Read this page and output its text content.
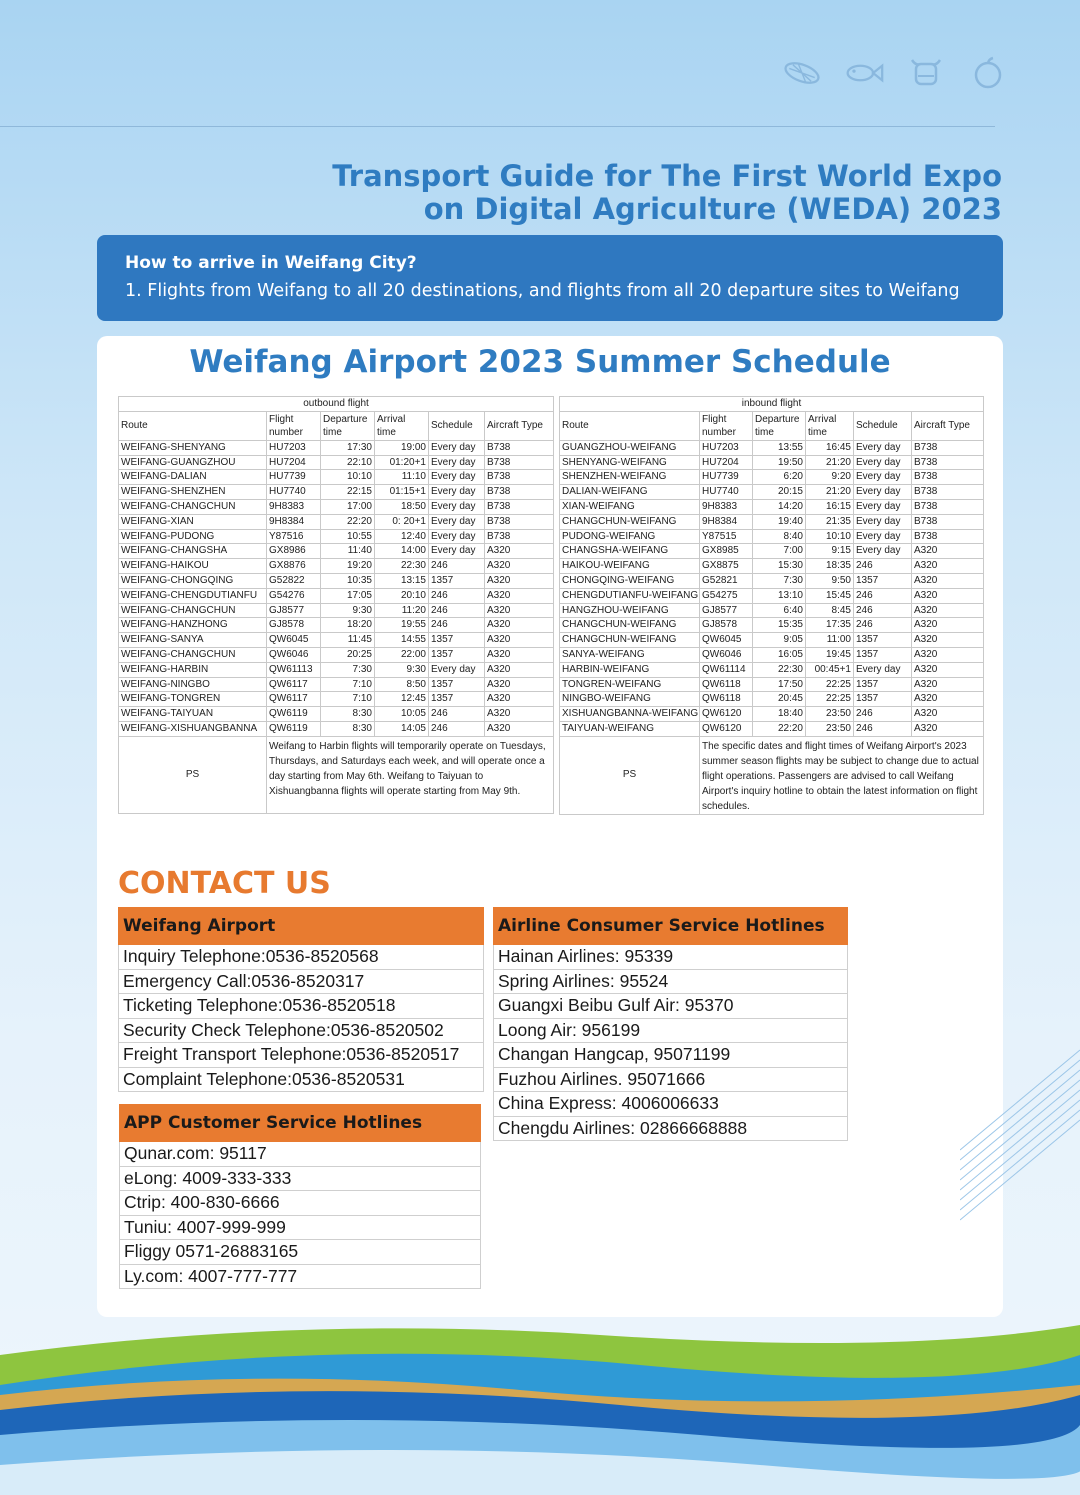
Transport Guide for The First World Expo
on Digital Agriculture (WEDA) 2023
How to arrive in Weifang City?
1. Flights from Weifang to all 20 destinations, and flights from all 20 departure sites to Weifang
Weifang Airport 2023 Summer Schedule
outbound flight					
Route	Flight number	Departure time	Arrival time	Schedule	Aircraft Type
WEIFANG-SHENYANG	HU7203	17:30	19:00	Every day	B738
WEIFANG-GUANGZHOU	HU7204	22:10	01:20+1	Every day	B738
WEIFANG-DALIAN	HU7739	10:10	11:10	Every day	B738
WEIFANG-SHENZHEN	HU7740	22:15	01:15+1	Every day	B738
WEIFANG-CHANGCHUN	9H8383	17:00	18:50	Every day	B738
WEIFANG-XIAN	9H8384	22:20	0: 20+1	Every day	B738
WEIFANG-PUDONG	Y87516	10:55	12:40	Every day	B738
WEIFANG-CHANGSHA	GX8986	11:40	14:00	Every day	A320
WEIFANG-HAIKOU	GX8876	19:20	22:30	246	A320
WEIFANG-CHONGQING	G52822	10:35	13:15	1357	A320
WEIFANG-CHENGDUTIANFU	G54276	17:05	20:10	246	A320
WEIFANG-CHANGCHUN	GJ8577	9:30	11:20	246	A320
WEIFANG-HANZHONG	GJ8578	18:20	19:55	246	A320
WEIFANG-SANYA	QW6045	11:45	14:55	1357	A320
WEIFANG-CHANGCHUN	QW6046	20:25	22:00	1357	A320
WEIFANG-HARBIN	QW61113	7:30	9:30	Every day	A320
WEIFANG-NINGBO	QW6117	7:10	8:50	1357	A320
WEIFANG-TONGREN	QW6117	7:10	12:45	1357	A320
WEIFANG-TAIYUAN	QW6119	8:30	10:05	246	A320
WEIFANG-XISHUANGBANNA	QW6119	8:30	14:05	246	A320
PS	Weifang to Harbin flights will temporarily operate on Tuesdays, Thursdays, and Saturdays each week, and will operate once a day starting from May 6th. Weifang to Taiyuan to Xishuangbanna flights will operate starting from May 9th.				
inbound flight					
Route	Flight number	Departure time	Arrival time	Schedule	Aircraft Type
GUANGZHOU-WEIFANG	HU7203	13:55	16:45	Every day	B738
SHENYANG-WEIFANG	HU7204	19:50	21:20	Every day	B738
SHENZHEN-WEIFANG	HU7739	6:20	9:20	Every day	B738
DALIAN-WEIFANG	HU7740	20:15	21:20	Every day	B738
XIAN-WEIFANG	9H8383	14:20	16:15	Every day	B738
CHANGCHUN-WEIFANG	9H8384	19:40	21:35	Every day	B738
PUDONG-WEIFANG	Y87515	8:40	10:10	Every day	B738
CHANGSHA-WEIFANG	GX8985	7:00	9:15	Every day	A320
HAIKOU-WEIFANG	GX8875	15:30	18:35	246	A320
CHONGQING-WEIFANG	G52821	7:30	9:50	1357	A320
CHENGDUTIANFU-WEIFANG	G54275	13:10	15:45	246	A320
HANGZHOU-WEIFANG	GJ8577	6:40	8:45	246	A320
CHANGCHUN-WEIFANG	GJ8578	15:35	17:35	246	A320
CHANGCHUN-WEIFANG	QW6045	9:05	11:00	1357	A320
SANYA-WEIFANG	QW6046	16:05	19:45	1357	A320
HARBIN-WEIFANG	QW61114	22:30	00:45+1	Every day	A320
TONGREN-WEIFANG	QW6118	17:50	22:25	1357	A320
NINGBO-WEIFANG	QW6118	20:45	22:25	1357	A320
XISHUANGBANNA-WEIFANG	QW6120	18:40	23:50	246	A320
TAIYUAN-WEIFANG	QW6120	22:20	23:50	246	A320
PS	The specific dates and flight times of Weifang Airport's 2023 summer season flights may be subject to change due to actual flight operations. Passengers are advised to call Weifang Airport's inquiry hotline to obtain the latest information on flight schedules.				
CONTACT US
Weifang Airport
Inquiry Telephone:0536-8520568
Emergency Call:0536-8520317
Ticketing Telephone:0536-8520518
Security Check Telephone:0536-8520502
Freight Transport Telephone:0536-8520517
Complaint Telephone:0536-8520531
APP Customer Service Hotlines
Qunar.com: 95117
eLong: 4009-333-333
Ctrip: 400-830-6666
Tuniu: 4007-999-999
Fliggy 0571-26883165
Ly.com: 4007-777-777
Airline Consumer Service Hotlines
Hainan Airlines: 95339
Spring Airlines: 95524
Guangxi Beibu Gulf Air: 95370
Loong Air: 956199
Changan Hangcap, 95071199
Fuzhou Airlines. 95071666
China Express: 4006006633
Chengdu Airlines: 02866668888
